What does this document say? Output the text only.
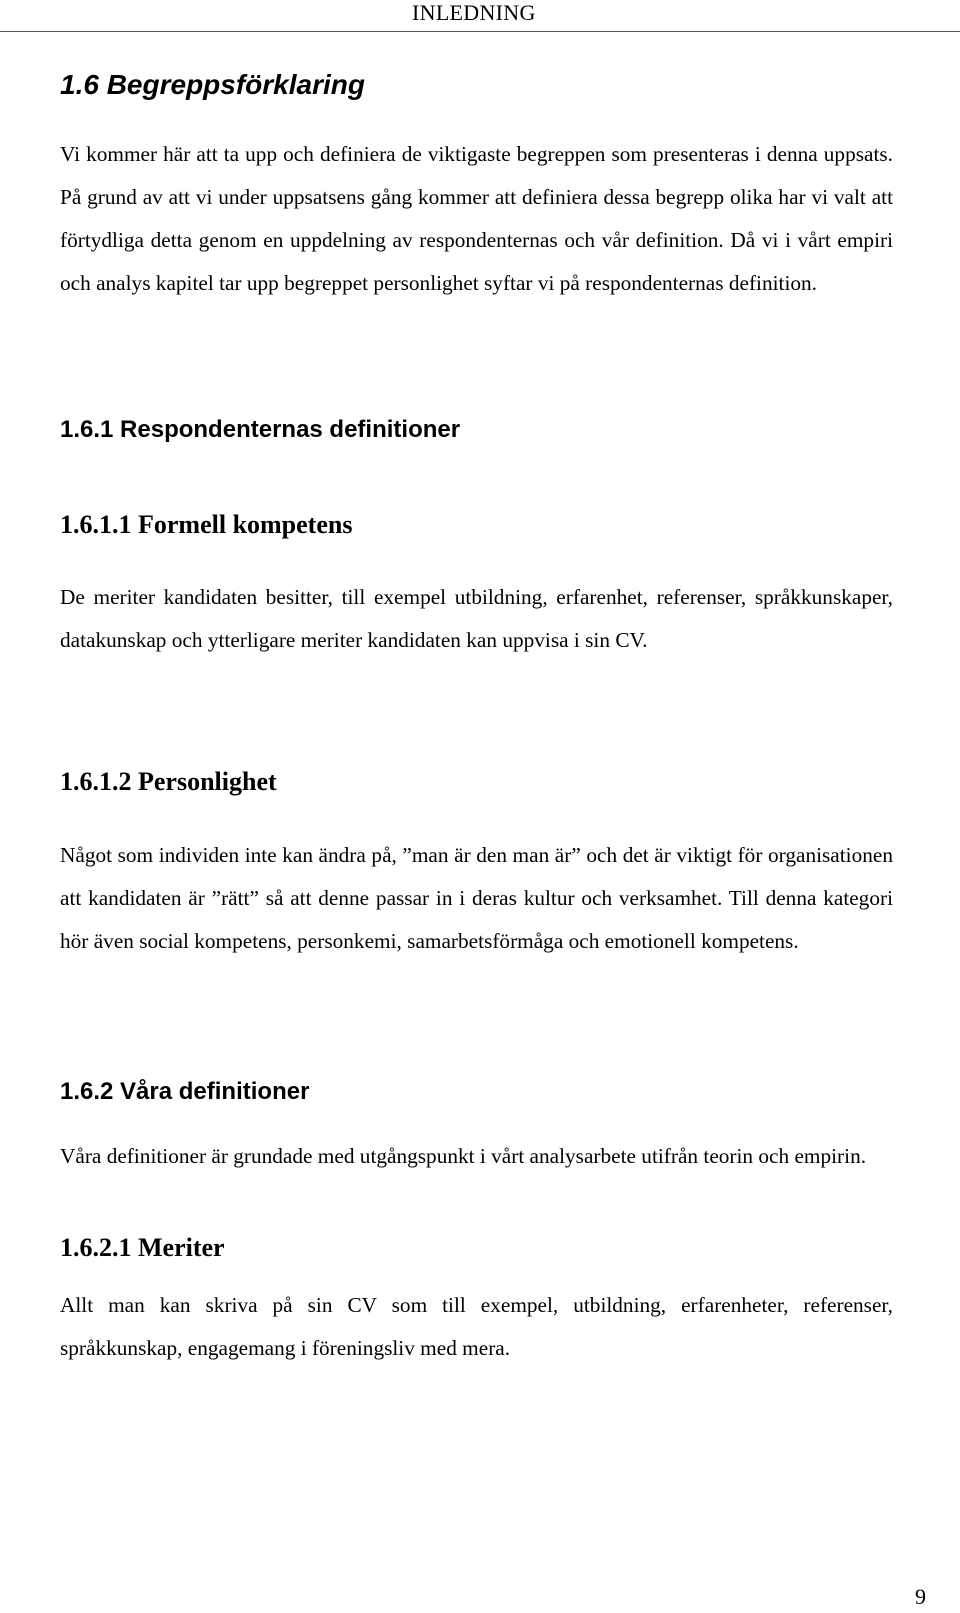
INLEDNING
1.6 Begreppsförklaring

Vi kommer här att ta upp och definiera de viktigaste begreppen som presenteras i denna uppsats. På grund av att vi under uppsatsens gång kommer att definiera dessa begrepp olika har vi valt att förtydliga detta genom en uppdelning av respondenternas och vår definition. Då vi i vårt empiri och analys kapitel tar upp begreppet personlighet syftar vi på respondenternas definition.

1.6.1 Respondenternas definitioner
1.6.1.1 Formell kompetens

De meriter kandidaten besitter, till exempel utbildning, erfarenhet, referenser, språkkunskaper, datakunskap och ytterligare meriter kandidaten kan uppvisa i sin CV.

1.6.1.2 Personlighet

Något som individen inte kan ändra på, ”man är den man är” och det är viktigt för organisationen att kandidaten är ”rätt” så att denne passar in i deras kultur och verksamhet. Till denna kategori hör även social kompetens, personkemi, samarbetsförmåga och emotionell kompetens.

1.6.2 Våra definitioner

Våra definitioner är grundade med utgångspunkt i vårt analysarbete utifrån teorin och empirin.

1.6.2.1 Meriter

Allt man kan skriva på sin CV som till exempel, utbildning, erfarenheter, referenser, språkkunskap, engagemang i föreningsliv med mera.

9
